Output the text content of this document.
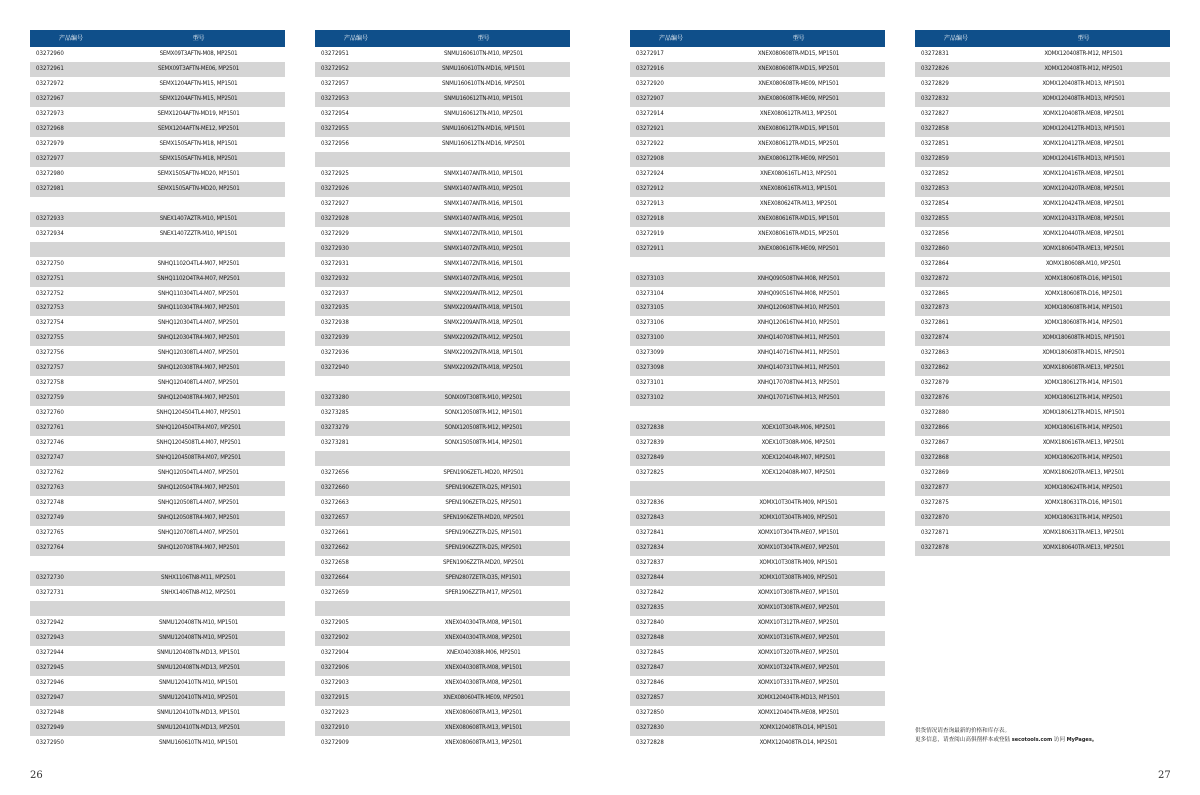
产品编号	型号
03272960	SEMX09T3AFTN-M08, MP2501
03272961	SEMX09T3AFTN-ME06, MP2501
03272972	SEMX1204AFTN-M15, MP1501
03272967	SEMX1204AFTN-M15, MP2501
03272973	SEMX1204AFTN-MD19, MP1501
03272968	SEMX1204AFTN-ME12, MP2501
03272979	SEMX1505AFTN-M18, MP1501
03272977	SEMX1505AFTN-M18, MP2501
03272980	SEMX1505AFTN-MD20, MP1501
03272981	SEMX1505AFTN-MD20, MP2501
03272933	SNEX1407AZTR-M10, MP1501
03272934	SNEX1407ZZTR-M10, MP1501
03272750	SNHQ1102O4TL4-M07, MP2501
03272751	SNHQ1102O4TR4-M07, MP2501
03272752	SNHQ110304TL4-M07, MP2501
03272753	SNHQ110304TR4-M07, MP2501
03272754	SNHQ120304TL4-M07, MP2501
03272755	SNHQ120304TR4-M07, MP2501
03272756	SNHQ120308TL4-M07, MP2501
03272757	SNHQ120308TR4-M07, MP2501
03272758	SNHQ120408TL4-M07, MP2501
03272759	SNHQ120408TR4-M07, MP2501
03272760	SNHQ1204504TL4-M07, MP2501
03272761	SNHQ1204504TR4-M07, MP2501
03272746	SNHQ1204508TL4-M07, MP2501
03272747	SNHQ1204508TR4-M07, MP2501
03272762	SNHQ120504TL4-M07, MP2501
03272763	SNHQ120504TR4-M07, MP2501
03272748	SNHQ120508TL4-M07, MP2501
03272749	SNHQ120508TR4-M07, MP2501
03272765	SNHQ120708TL4-M07, MP2501
03272764	SNHQ120708TR4-M07, MP2501
03272730	SNHX1106TN8-M11, MP2501
03272731	SNHX1406TN8-M12, MP2501
03272942	SNMU120408TN-M10, MP1501
03272943	SNMU120408TN-M10, MP2501
03272944	SNMU120408TN-MD13, MP1501
03272945	SNMU120408TN-MD13, MP2501
03272946	SNMU120410TN-M10, MP1501
03272947	SNMU120410TN-M10, MP2501
03272948	SNMU120410TN-MD13, MP1501
03272949	SNMU120410TN-MD13, MP2501
03272950	SNMU160610TN-M10, MP1501
产品编号	型号
03272951	SNMU160610TN-M10, MP2501
03272952	SNMU160610TN-MD16, MP1501
03272957	SNMU160610TN-MD16, MP2501
03272953	SNMU160612TN-M10, MP1501
03272954	SNMU160612TN-M10, MP2501
03272955	SNMU160612TN-MD16, MP1501
03272956	SNMU160612TN-MD16, MP2501
03272925	SNMX1407ANTR-M10, MP1501
03272926	SNMX1407ANTR-M10, MP2501
03272927	SNMX1407ANTR-M16, MP1501
03272928	SNMX1407ANTR-M16, MP2501
03272929	SNMX1407ZNTR-M10, MP1501
03272930	SNMX1407ZNTR-M10, MP2501
03272931	SNMX1407ZNTR-M16, MP1501
03272932	SNMX1407ZNTR-M16, MP2501
03272937	SNMX2209ANTR-M12, MP2501
03272935	SNMX2209ANTR-M18, MP1501
03272938	SNMX2209ANTR-M18, MP2501
03272939	SNMX2209ZNTR-M12, MP2501
03272936	SNMX2209ZNTR-M18, MP1501
03272940	SNMX2209ZNTR-M18, MP2501
03273280	SONX09T308TR-M10, MP2501
03273285	SONX120508TR-M12, MP1501
03273279	SONX120508TR-M12, MP2501
03273281	SONX150508TR-M14, MP2501
03272656	SPEN1906ZETL-MD20, MP2501
03272660	SPEN1906ZETR-D25, MP1501
03272663	SPEN1906ZETR-D25, MP2501
03272657	SPEN1906ZETR-MD20, MP2501
03272661	SPEN1906ZZTR-D25, MP1501
03272662	SPEN1906ZZTR-D25, MP2501
03272658	SPEN1906ZZTR-MD20, MP2501
03272664	SPEN2807ZETR-D35, MP1501
03272659	SPER1906ZZTR-M17, MP2501
03272905	XNEX040304TR-M08, MP1501
03272902	XNEX040304TR-M08, MP2501
03272904	XNEX040308R-M06, MP2501
03272906	XNEX040308TR-M08, MP1501
03272903	XNEX040308TR-M08, MP2501
03272915	XNEX080604TR-ME09, MP2501
03272923	XNEX080608TR-M13, MP2501
03272910	XNEX080608TR-M13, MP1501
03272909	XNEX080608TR-M13, MP2501
产品编号	型号
03272917	XNEX080608TR-MD15, MP1501
03272916	XNEX080608TR-MD15, MP2501
03272920	XNEX080608TR-ME09, MP1501
03272907	XNEX080608TR-ME09, MP2501
03272914	XNEX080612TR-M13, MP2501
03272921	XNEX080612TR-MD15, MP1501
03272922	XNEX080612TR-MD15, MP2501
03272908	XNEX080612TR-ME09, MP2501
03272924	XNEX080616TL-M13, MP2501
03272912	XNEX080616TR-M13, MP1501
03272913	XNEX080624TR-M13, MP2501
03272918	XNEX080616TR-MD15, MP1501
03272919	XNEX080616TR-MD15, MP2501
03272911	XNEX080616TR-ME09, MP2501
03273103	XNHQ090508TN4-M08, MP2501
03273104	XNHQ090516TN4-M08, MP2501
03273105	XNHQ120608TN4-M10, MP2501
03273106	XNHQ120616TN4-M10, MP2501
03273100	XNHQ140708TN4-M11, MP2501
03273099	XNHQ140716TN4-M11, MP2501
03273098	XNHQ140731TN4-M11, MP2501
03273101	XNHQ170708TN4-M13, MP2501
03273102	XNHQ170716TN4-M13, MP2501
03272838	XOEX10T304R-M06, MP2501
03272839	XOEX10T308R-M06, MP2501
03272849	XOEX120404R-M07, MP2501
03272825	XOEX120408R-M07, MP2501
03272836	XOMX10T304TR-M09, MP1501
03272843	XOMX10T304TR-M09, MP2501
03272841	XOMX10T304TR-ME07, MP1501
03272834	XOMX10T304TR-ME07, MP2501
03272837	XOMX10T308TR-M09, MP1501
03272844	XOMX10T308TR-M09, MP2501
03272842	XOMX10T308TR-ME07, MP1501
03272835	XOMX10T308TR-ME07, MP2501
03272840	XOMX10T312TR-ME07, MP2501
03272848	XOMX10T316TR-ME07, MP2501
03272845	XOMX10T320TR-ME07, MP2501
03272847	XOMX10T324TR-ME07, MP2501
03272846	XOMX10T331TR-ME07, MP2501
03272857	XOMX120404TR-MD13, MP1501
03272850	XOMX120404TR-ME08, MP2501
03272830	XOMX120408TR-D14, MP1501
03272828	XOMX120408TR-D14, MP2501
产品编号	型号
03272831	XOMX120408TR-M12, MP1501
03272826	XOMX120408TR-M12, MP2501
03272829	XOMX120408TR-MD13, MP1501
03272832	XOMX120408TR-MD13, MP2501
03272827	XOMX120408TR-ME08, MP2501
03272858	XOMX120412TR-MD13, MP1501
03272851	XOMX120412TR-ME08, MP2501
03272859	XOMX120416TR-MD13, MP1501
03272852	XOMX120416TR-ME08, MP2501
03272853	XOMX120420TR-ME08, MP2501
03272854	XOMX120424TR-ME08, MP2501
03272855	XOMX120431TR-ME08, MP2501
03272856	XOMX120440TR-ME08, MP2501
03272860	XOMX180604TR-ME13, MP2501
03272864	XOMX180608R-M10, MP2501
03272872	XOMX180608TR-D16, MP1501
03272865	XOMX180608TR-D16, MP2501
03272873	XOMX180608TR-M14, MP1501
03272861	XOMX180608TR-M14, MP2501
03272874	XOMX180608TR-MD15, MP1501
03272863	XOMX180608TR-MD15, MP2501
03272862	XOMX180608TR-ME13, MP2501
03272879	XOMX180612TR-M14, MP1501
03272876	XOMX180612TR-M14, MP2501
03272880	XOMX180612TR-MD15, MP1501
03272866	XOMX180616TR-M14, MP2501
03272867	XOMX180616TR-ME13, MP2501
03272868	XOMX180620TR-M14, MP2501
03272869	XOMX180620TR-ME13, MP2501
03272877	XOMX180624TR-M14, MP2501
03272875	XOMX180631TR-D16, MP1501
03272870	XOMX180631TR-M14, MP2501
03272871	XOMX180631TR-ME13, MP2501
03272878	XOMX180640TR-ME13, MP2501
供货情况请查询最新的价格和库存表。
更多信息，请查阅山高俱削样本或登陆 secotools.com 访问 MyPages。
26	27
